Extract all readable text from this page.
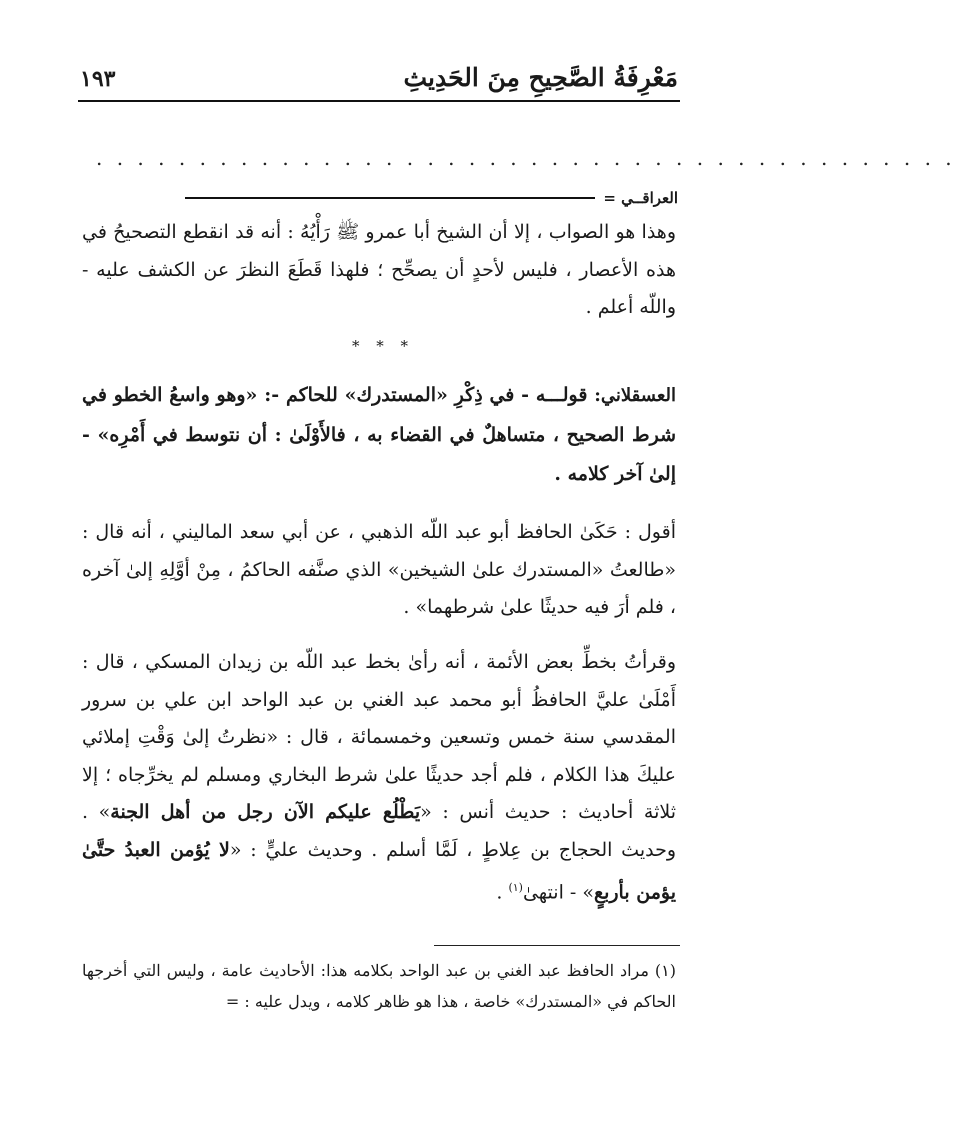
مَعْرِفَةُ الصَّحِيحِ مِنَ الحَدِيثِ
١٩٣
. . . . . . . . . . . . . . . . . . . . . . . . . . . . . . . . . . . . . . . . . .
العراقــي =
وهذا هو الصواب ، إلا أن الشيخ أبا عمرو ﷺ رَأْيُهُ : أنه قد انقطع التصحيحُ في هذه الأعصار ، فليس لأحدٍ أن يصحِّح ؛ فلهذا قَطَعَ النظرَ عن الكشف عليه - واللّه أعلم .
* * *
العسقلاني: قولـــه - في ذِكْرِ «المستدرك» للحاكم -: «وهو واسعُ الخطو في شرط الصحيح ، متساهلٌ في القضاء به ، فالأَوْلَىٰ : أن نتوسط في أَمْرِه» - إلىٰ آخر كلامه .
أقول : حَكَىٰ الحافظ أبو عبد اللّه الذهبي ، عن أبي سعد الماليني ، أنه قال : «طالعتُ «المستدرك علىٰ الشيخين» الذي صنَّفه الحاكمُ ، مِنْ أوَّلِهِ إلىٰ آخره ، فلم أرَ فيه حديثًا علىٰ شرطهما» .
وقرأتُ بخطِّ بعض الأئمة ، أنه رأىٰ بخط عبد اللّه بن زيدان المسكي ، قال : أَمْلَىٰ عليَّ الحافظُ أبو محمد عبد الغني بن عبد الواحد ابن علي بن سرور المقدسي سنة خمس وتسعين وخمسمائة ، قال : «نظرتُ إلىٰ وَقْتِ إملائي عليكَ هذا الكلام ، فلم أجد حديثًا علىٰ شرط البخاري ومسلم لم يخرِّجاه ؛ إلا ثلاثة أحاديث : حديث أنس : «يَطْلُع عليكم الآن رجل من أهل الجنة» . وحديث الحجاج بن عِلاطٍ ، لَمَّا أسلم . وحديث عليٍّ : «لا يُؤمن العبدُ حتَّىٰ يؤمن بأربعٍ» - انتهىٰ$^{(١)}$ .
(١) مراد الحافظ عبد الغني بن عبد الواحد بكلامه هذا: الأحاديث عامة ، وليس التي أخرجها الحاكم في «المستدرك» خاصة ، هذا هو ظاهر كلامه ، ويدل عليه : =
